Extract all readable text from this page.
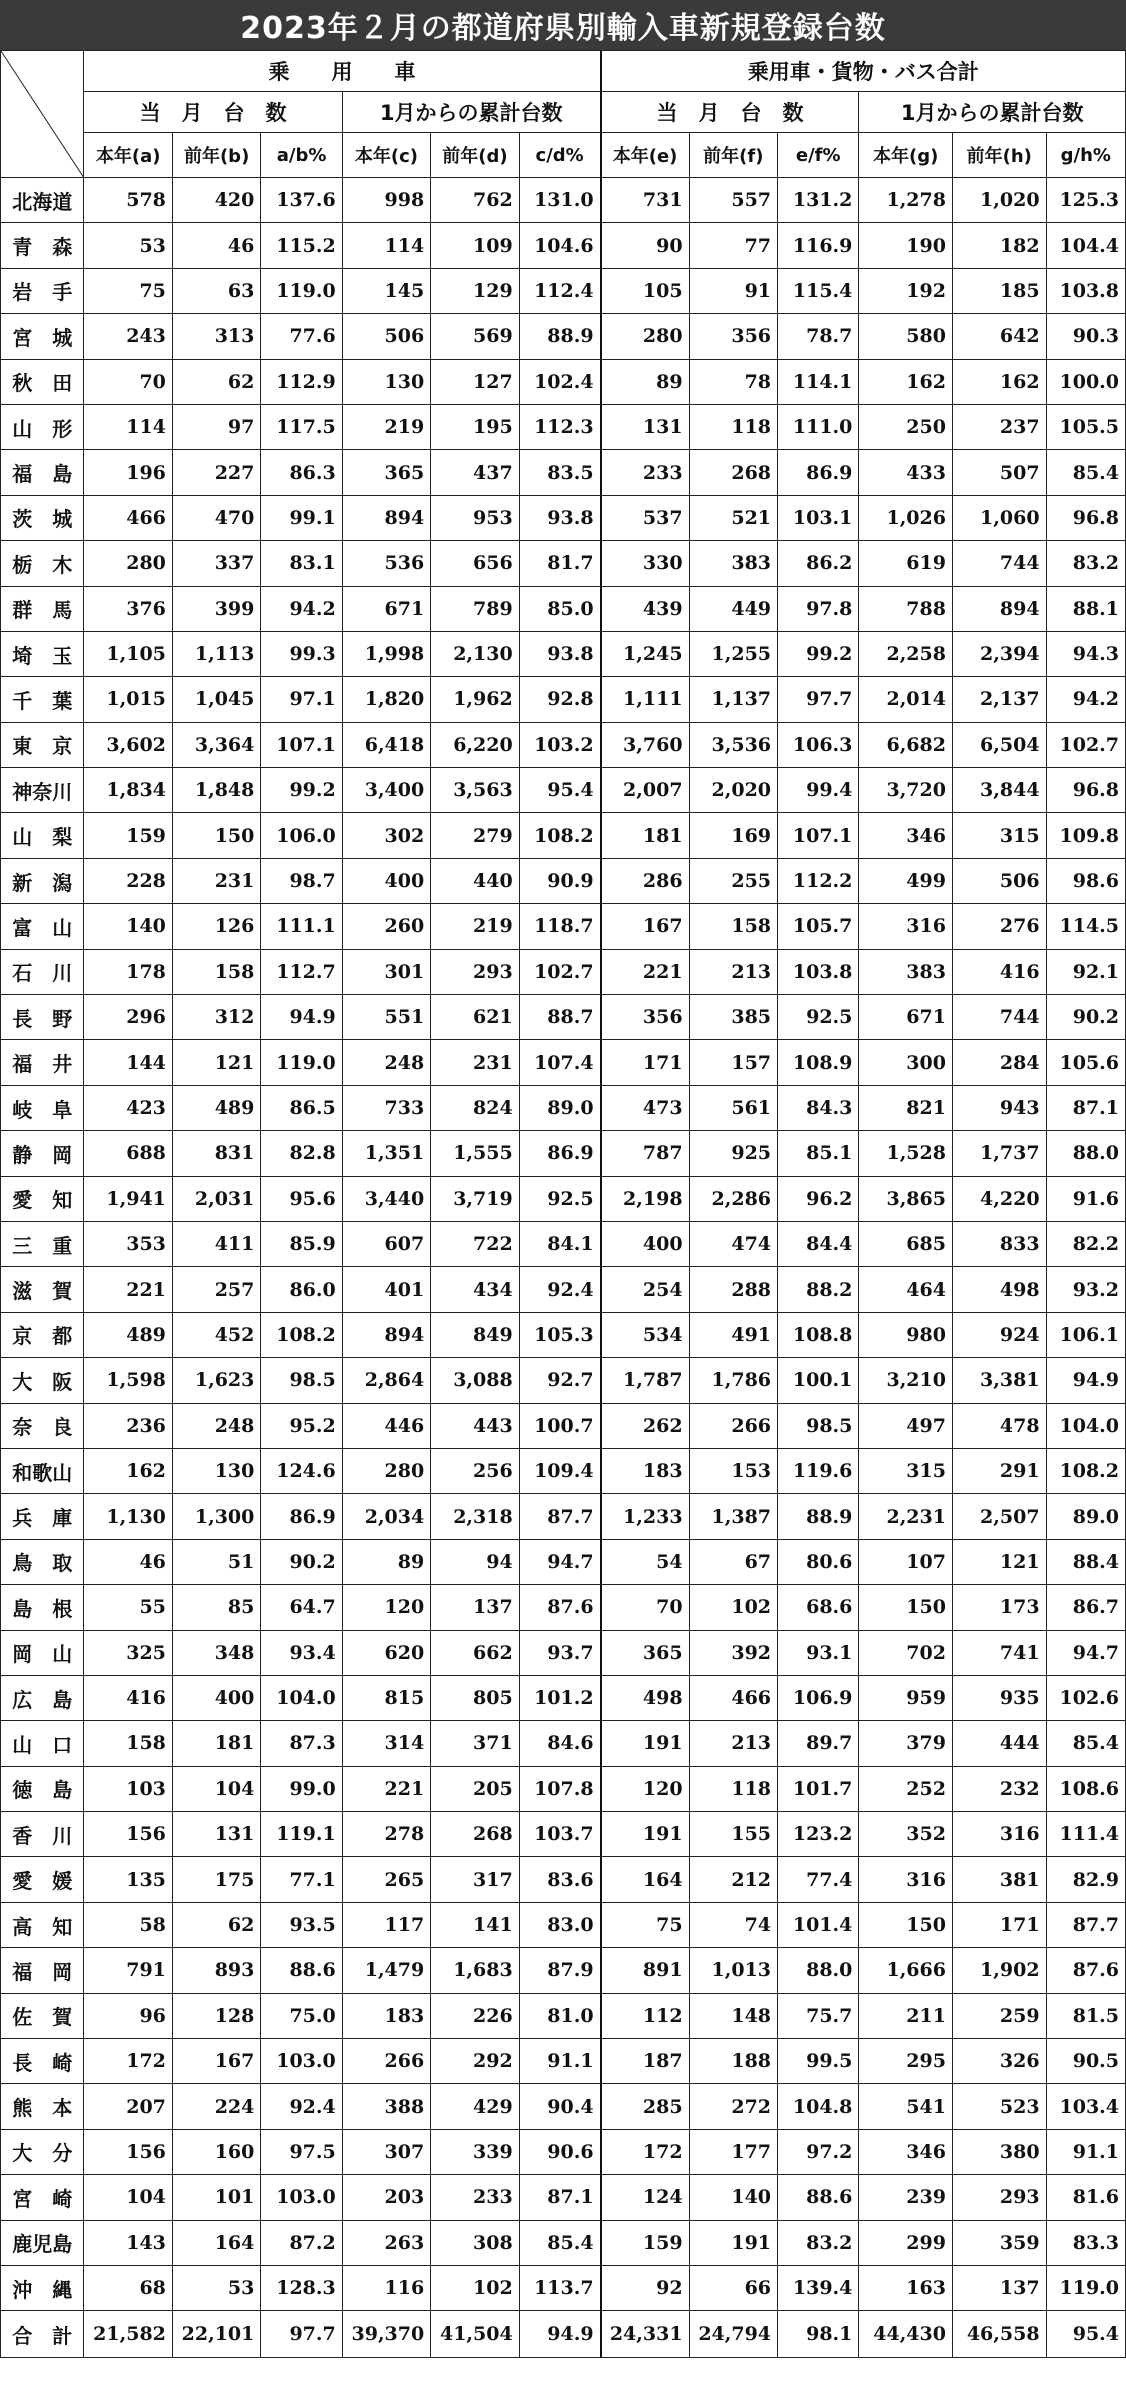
2023年２月の都道府県別輸入車新規登録台数
	乗　　用　　車						乗用車・貨物・バス合計					
	当　月　台　数			1月からの累計台数			当　月　台　数			1月からの累計台数		
	本年(a)	前年(b)	a/b%	本年(c)	前年(d)	c/d%	本年(e)	前年(f)	e/f%	本年(g)	前年(h)	g/h%
北海道	578	420	137.6	998	762	131.0	731	557	131.2	1,278	1,020	125.3
青　森	53	46	115.2	114	109	104.6	90	77	116.9	190	182	104.4
岩　手	75	63	119.0	145	129	112.4	105	91	115.4	192	185	103.8
宮　城	243	313	77.6	506	569	88.9	280	356	78.7	580	642	90.3
秋　田	70	62	112.9	130	127	102.4	89	78	114.1	162	162	100.0
山　形	114	97	117.5	219	195	112.3	131	118	111.0	250	237	105.5
福　島	196	227	86.3	365	437	83.5	233	268	86.9	433	507	85.4
茨　城	466	470	99.1	894	953	93.8	537	521	103.1	1,026	1,060	96.8
栃　木	280	337	83.1	536	656	81.7	330	383	86.2	619	744	83.2
群　馬	376	399	94.2	671	789	85.0	439	449	97.8	788	894	88.1
埼　玉	1,105	1,113	99.3	1,998	2,130	93.8	1,245	1,255	99.2	2,258	2,394	94.3
千　葉	1,015	1,045	97.1	1,820	1,962	92.8	1,111	1,137	97.7	2,014	2,137	94.2
東　京	3,602	3,364	107.1	6,418	6,220	103.2	3,760	3,536	106.3	6,682	6,504	102.7
神奈川	1,834	1,848	99.2	3,400	3,563	95.4	2,007	2,020	99.4	3,720	3,844	96.8
山　梨	159	150	106.0	302	279	108.2	181	169	107.1	346	315	109.8
新　潟	228	231	98.7	400	440	90.9	286	255	112.2	499	506	98.6
富　山	140	126	111.1	260	219	118.7	167	158	105.7	316	276	114.5
石　川	178	158	112.7	301	293	102.7	221	213	103.8	383	416	92.1
長　野	296	312	94.9	551	621	88.7	356	385	92.5	671	744	90.2
福　井	144	121	119.0	248	231	107.4	171	157	108.9	300	284	105.6
岐　阜	423	489	86.5	733	824	89.0	473	561	84.3	821	943	87.1
静　岡	688	831	82.8	1,351	1,555	86.9	787	925	85.1	1,528	1,737	88.0
愛　知	1,941	2,031	95.6	3,440	3,719	92.5	2,198	2,286	96.2	3,865	4,220	91.6
三　重	353	411	85.9	607	722	84.1	400	474	84.4	685	833	82.2
滋　賀	221	257	86.0	401	434	92.4	254	288	88.2	464	498	93.2
京　都	489	452	108.2	894	849	105.3	534	491	108.8	980	924	106.1
大　阪	1,598	1,623	98.5	2,864	3,088	92.7	1,787	1,786	100.1	3,210	3,381	94.9
奈　良	236	248	95.2	446	443	100.7	262	266	98.5	497	478	104.0
和歌山	162	130	124.6	280	256	109.4	183	153	119.6	315	291	108.2
兵　庫	1,130	1,300	86.9	2,034	2,318	87.7	1,233	1,387	88.9	2,231	2,507	89.0
鳥　取	46	51	90.2	89	94	94.7	54	67	80.6	107	121	88.4
島　根	55	85	64.7	120	137	87.6	70	102	68.6	150	173	86.7
岡　山	325	348	93.4	620	662	93.7	365	392	93.1	702	741	94.7
広　島	416	400	104.0	815	805	101.2	498	466	106.9	959	935	102.6
山　口	158	181	87.3	314	371	84.6	191	213	89.7	379	444	85.4
徳　島	103	104	99.0	221	205	107.8	120	118	101.7	252	232	108.6
香　川	156	131	119.1	278	268	103.7	191	155	123.2	352	316	111.4
愛　媛	135	175	77.1	265	317	83.6	164	212	77.4	316	381	82.9
高　知	58	62	93.5	117	141	83.0	75	74	101.4	150	171	87.7
福　岡	791	893	88.6	1,479	1,683	87.9	891	1,013	88.0	1,666	1,902	87.6
佐　賀	96	128	75.0	183	226	81.0	112	148	75.7	211	259	81.5
長　崎	172	167	103.0	266	292	91.1	187	188	99.5	295	326	90.5
熊　本	207	224	92.4	388	429	90.4	285	272	104.8	541	523	103.4
大　分	156	160	97.5	307	339	90.6	172	177	97.2	346	380	91.1
宮　崎	104	101	103.0	203	233	87.1	124	140	88.6	239	293	81.6
鹿児島	143	164	87.2	263	308	85.4	159	191	83.2	299	359	83.3
沖　縄	68	53	128.3	116	102	113.7	92	66	139.4	163	137	119.0
合　計	21,582	22,101	97.7	39,370	41,504	94.9	24,331	24,794	98.1	44,430	46,558	95.4
